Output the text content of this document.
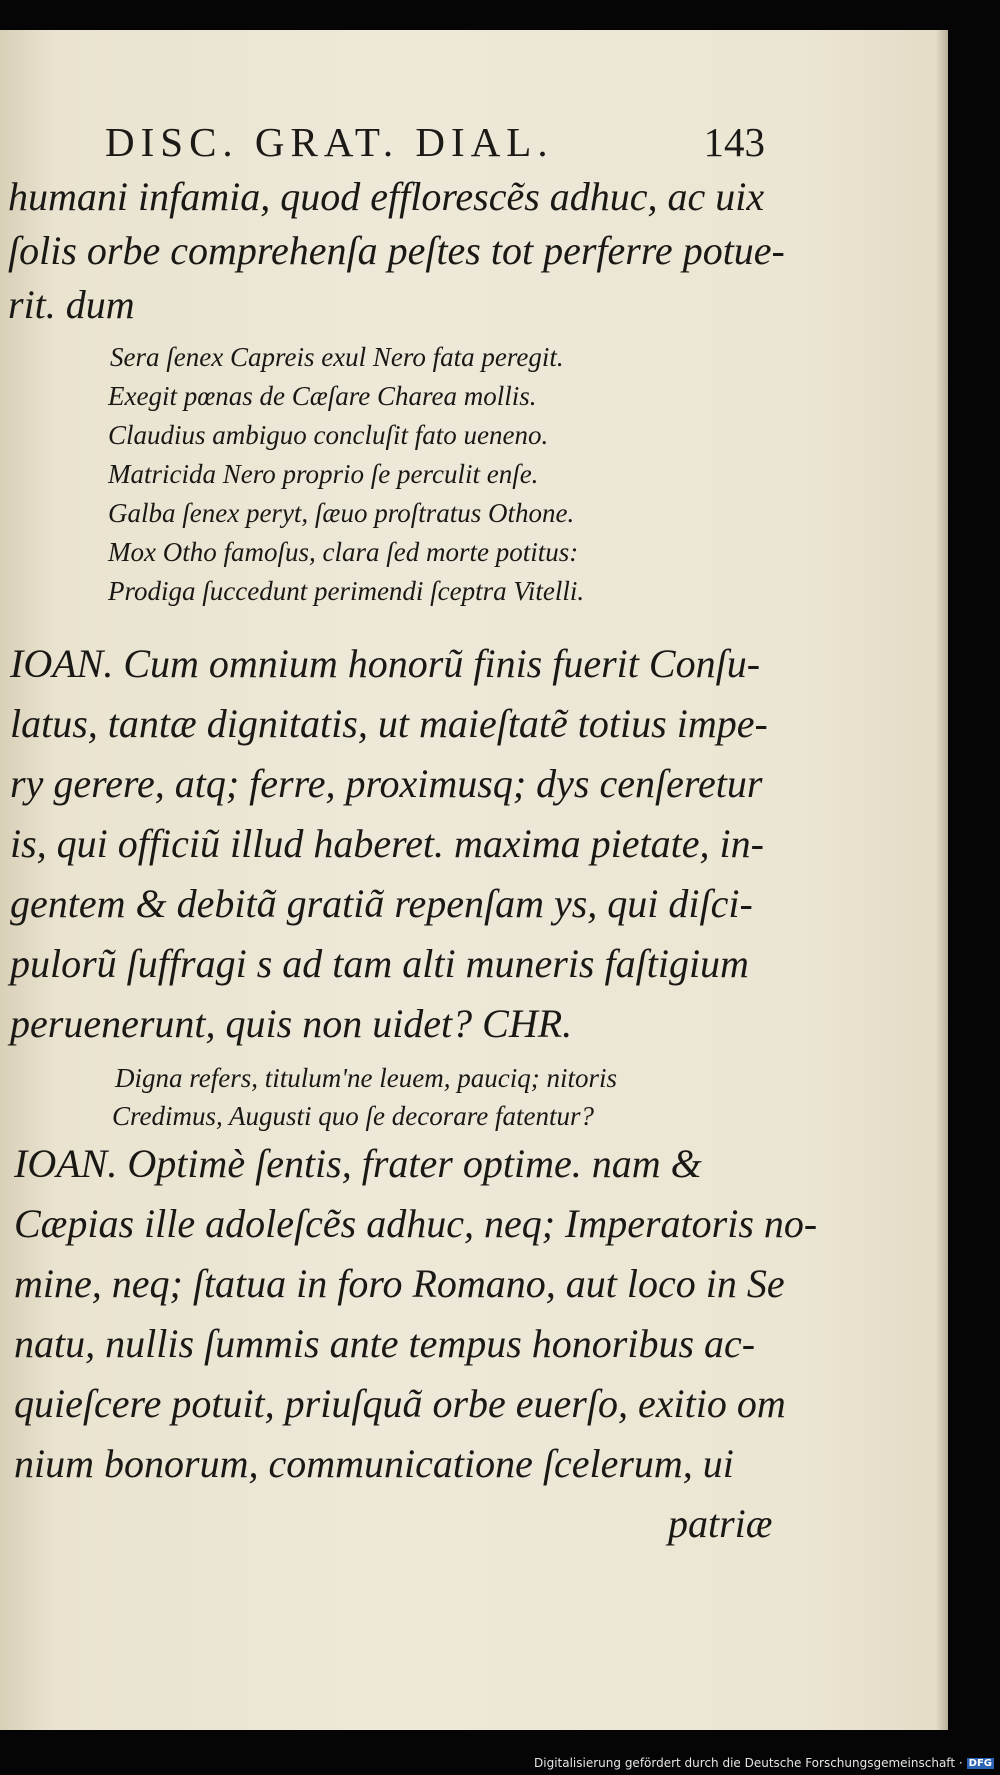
DISC. GRAT. DIAL.	143
humani infamia, quod efflorescẽs adhuc, ac uix
ſolis orbe comprehenſa peſtes tot perferre potue-
rit. dum
Sera ſenex Capreis exul Nero fata peregit.
Exegit pœnas de Cæſare Charea mollis.
Claudius ambiguo concluſit fato ueneno.
Matricida Nero proprio ſe perculit enſe.
Galba ſenex peryt, ſæuo proſtratus Othone.
Mox Otho famoſus, clara ſed morte potitus:
Prodiga ſuccedunt perimendi ſceptra Vitelli.
IOAN. Cum omnium honorũ finis fuerit Conſu-
latus, tantæ dignitatis, ut maieſtatẽ totius impe-
ry gerere, atq; ferre, proximusq; dys cenſeretur
is, qui officiũ illud haberet. maxima pietate, in-
gentem & debitã gratiã repenſam ys, qui diſci-
pulorũ ſuffragi s ad tam alti muneris faſtigium
peruenerunt, quis non uidet? CHR.
Digna refers, titulum'ne leuem, pauciq; nitoris
Credimus, Augusti quo ſe decorare fatentur?
IOAN. Optimè ſentis, frater optime. nam &
Cæpias ille adoleſcẽs adhuc, neq; Imperatoris no-
mine, neq; ſtatua in foro Romano, aut loco in Se
natu, nullis ſummis ante tempus honoribus ac-
quieſcere potuit, priuſquã orbe euerſo, exitio om
nium bonorum, communicatione ſcelerum, ui
patriæ
Digitalisierung gefördert durch die Deutsche Forschungsgemeinschaft · DFG
